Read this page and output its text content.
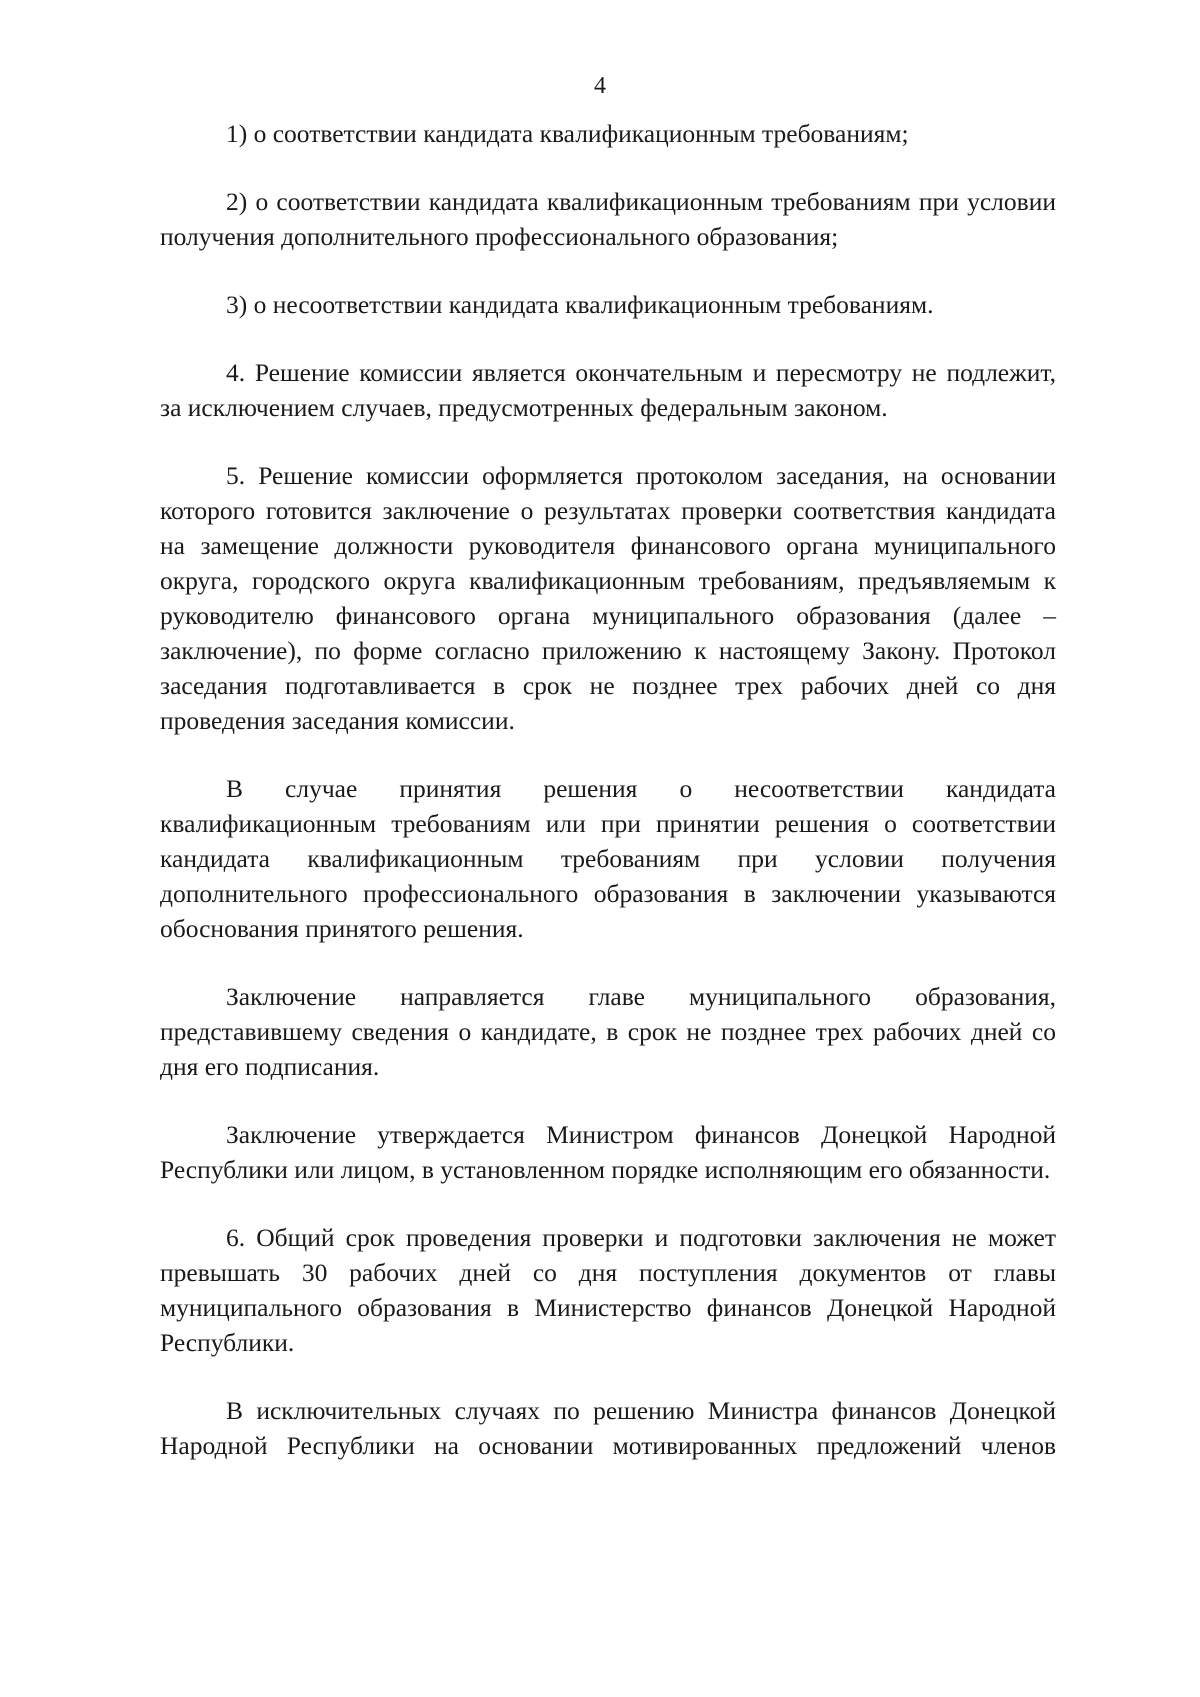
4

1) о соответствии кандидата квалификационным требованиям;

2) о соответствии кандидата квалификационным требованиям при условии получения дополнительного профессионального образования;

3) о несоответствии кандидата квалификационным требованиям.

4. Решение комиссии является окончательным и пересмотру не подлежит, за исключением случаев, предусмотренных федеральным законом.

5. Решение комиссии оформляется протоколом заседания, на основании которого готовится заключение о результатах проверки соответствия кандидата на замещение должности руководителя финансового органа муниципального округа, городского округа квалификационным требованиям, предъявляемым к руководителю финансового органа муниципального образования (далее – заключение), по форме согласно приложению к настоящему Закону. Протокол заседания подготавливается в срок не позднее трех рабочих дней со дня проведения заседания комиссии.

В случае принятия решения о несоответствии кандидата квалификационным требованиям или при принятии решения о соответствии кандидата квалификационным требованиям при условии получения дополнительного профессионального образования в заключении указываются обоснования принятого решения.

Заключение направляется главе муниципального образования, представившему сведения о кандидате, в срок не позднее трех рабочих дней со дня его подписания.

Заключение утверждается Министром финансов Донецкой Народной Республики или лицом, в установленном порядке исполняющим его обязанности.

6. Общий срок проведения проверки и подготовки заключения не может превышать 30 рабочих дней со дня поступления документов от главы муниципального образования в Министерство финансов Донецкой Народной Республики.

В исключительных случаях по решению Министра финансов Донецкой Народной Республики на основании мотивированных предложений членов
